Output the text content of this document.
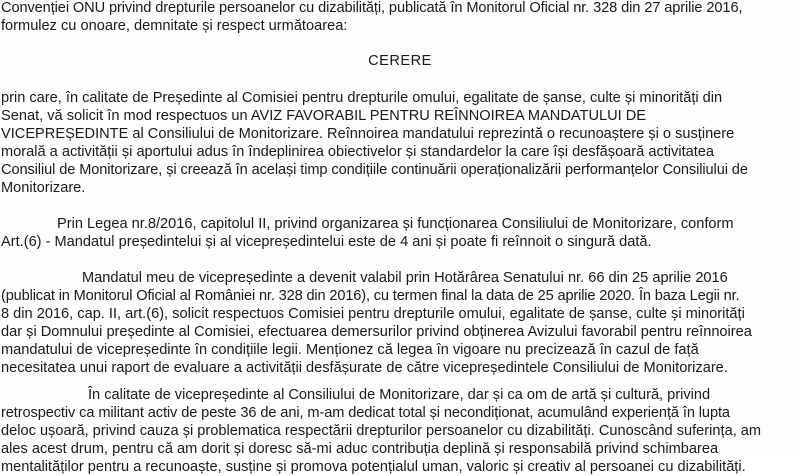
Convenției ONU privind drepturile persoanelor cu dizabilități, publicată în Monitorul Oficial nr. 328 din 27 aprilie 2016,
formulez cu onoare, demnitate și respect următoarea:
CERERE
prin care, în calitate de Președinte al Comisiei pentru drepturile omului, egalitate de șanse, culte și minorități din
Senat, vă solicit în mod respectuos un AVIZ FAVORABIL PENTRU REÎNNOIREA MANDATULUI DE
VICEPREȘEDINTE al Consiliului de Monitorizare. Reînnoirea mandatului reprezintă o recunoaștere și o susținere
morală a activității și aportului adus în îndeplinirea obiectivelor și standardelor la care își desfășoară activitatea
Consiliul de Monitorizare, și creează în același timp condițiile continuării operaționalizării performanțelor Consiliului de
Monitorizare.
Prin Legea nr.8/2016, capitolul II, privind organizarea și funcționarea Consiliului de Monitorizare, conform
Art.(6) - Mandatul președintelui și al vicepreședintelui este de 4 ani și poate fi reînnoit o singură dată.
Mandatul meu de vicepreședinte a devenit valabil prin Hotărârea Senatului nr. 66 din 25 aprilie 2016
(publicat in Monitorul Oficial al României nr. 328 din 2016), cu termen final la data de 25 aprilie 2020. În baza Legii nr.
8 din 2016, cap. II, art.(6), solicit respectuos Comisiei pentru drepturile omului, egalitate de șanse, culte și minorități
dar și Domnului președinte al Comisiei, efectuarea demersurilor privind obținerea Avizului favorabil pentru reînnoirea
mandatului de vicepreședinte în condițiile legii. Menționez că legea în vigoare nu precizează în cazul de față
necesitatea unui raport de evaluare a activității desfășurate de către vicepreședintele Consiliului de Monitorizare.
În calitate de vicepreședinte al Consiliului de Monitorizare, dar și ca om de artă și cultură, privind
retrospectiv ca militant activ de peste 36 de ani, m-am dedicat total și necondiționat, acumulând experiență în lupta
deloc ușoară, privind cauza și problematica respectării drepturilor persoanelor cu dizabilități. Cunoscând suferința, am
ales acest drum, pentru că am dorit și doresc să-mi aduc contribuția deplină și responsabilă privind schimbarea
mentalităților pentru a recunoaște, susține și promova potențialul uman, valoric și creativ al persoanei cu dizabilități.
